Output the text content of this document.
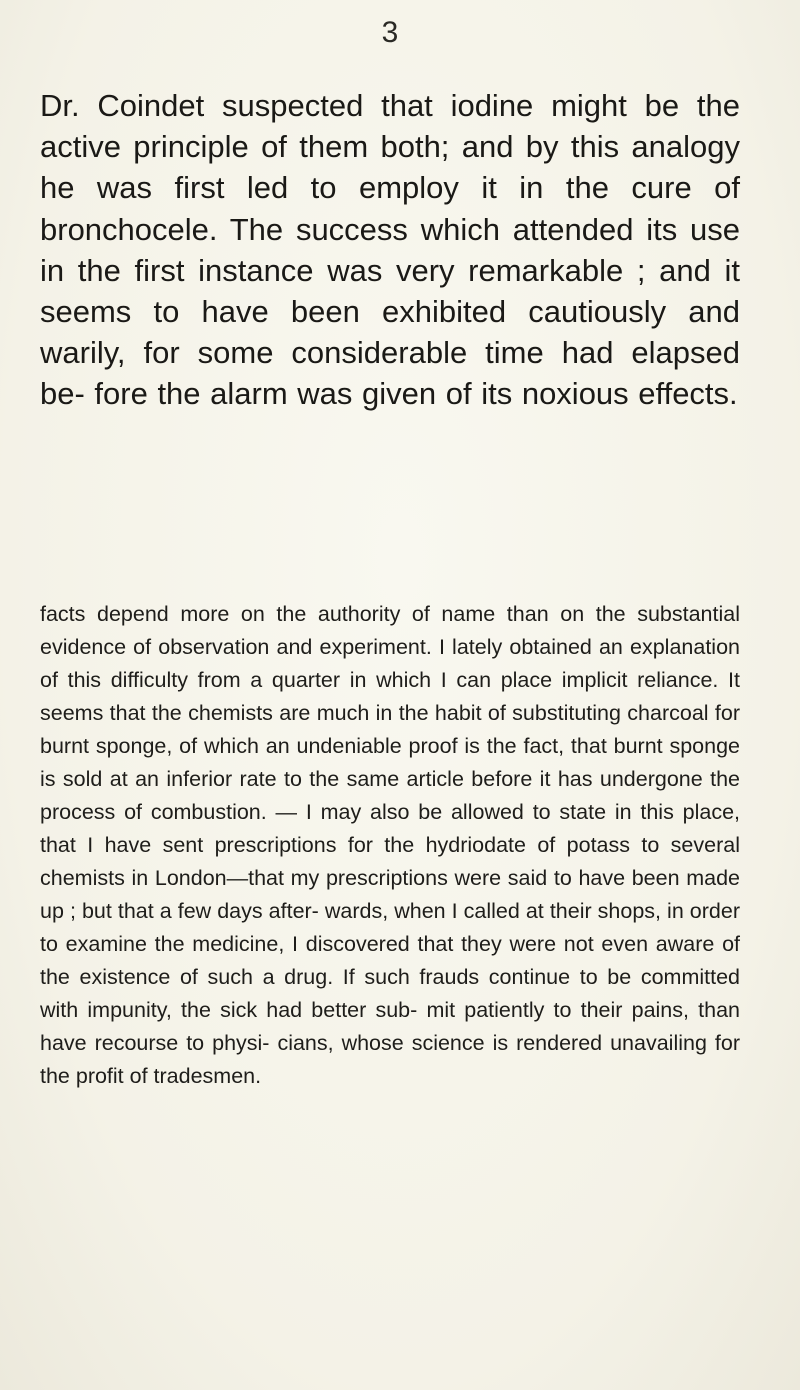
3

Dr. Coindet suspected that iodine might be the active principle of them both; and by this analogy he was first led to employ it in the cure of bronchocele. The success which attended its use in the first instance was very remarkable ; and it seems to have been exhibited cautiously and warily, for some considerable time had elapsed be- fore the alarm was given of its noxious effects.

facts depend more on the authority of name than on the substantial evidence of observation and experiment. I lately obtained an explanation of this difficulty from a quarter in which I can place implicit reliance. It seems that the chemists are much in the habit of substituting charcoal for burnt sponge, of which an undeniable proof is the fact, that burnt sponge is sold at an inferior rate to the same article before it has undergone the process of combustion. — I may also be allowed to state in this place, that I have sent prescriptions for the hydriodate of potass to several chemists in London—that my prescriptions were said to have been made up ; but that a few days after- wards, when I called at their shops, in order to examine the medicine, I discovered that they were not even aware of the existence of such a drug. If such frauds continue to be committed with impunity, the sick had better sub- mit patiently to their pains, than have recourse to physi- cians, whose science is rendered unavailing for the profit of tradesmen.
